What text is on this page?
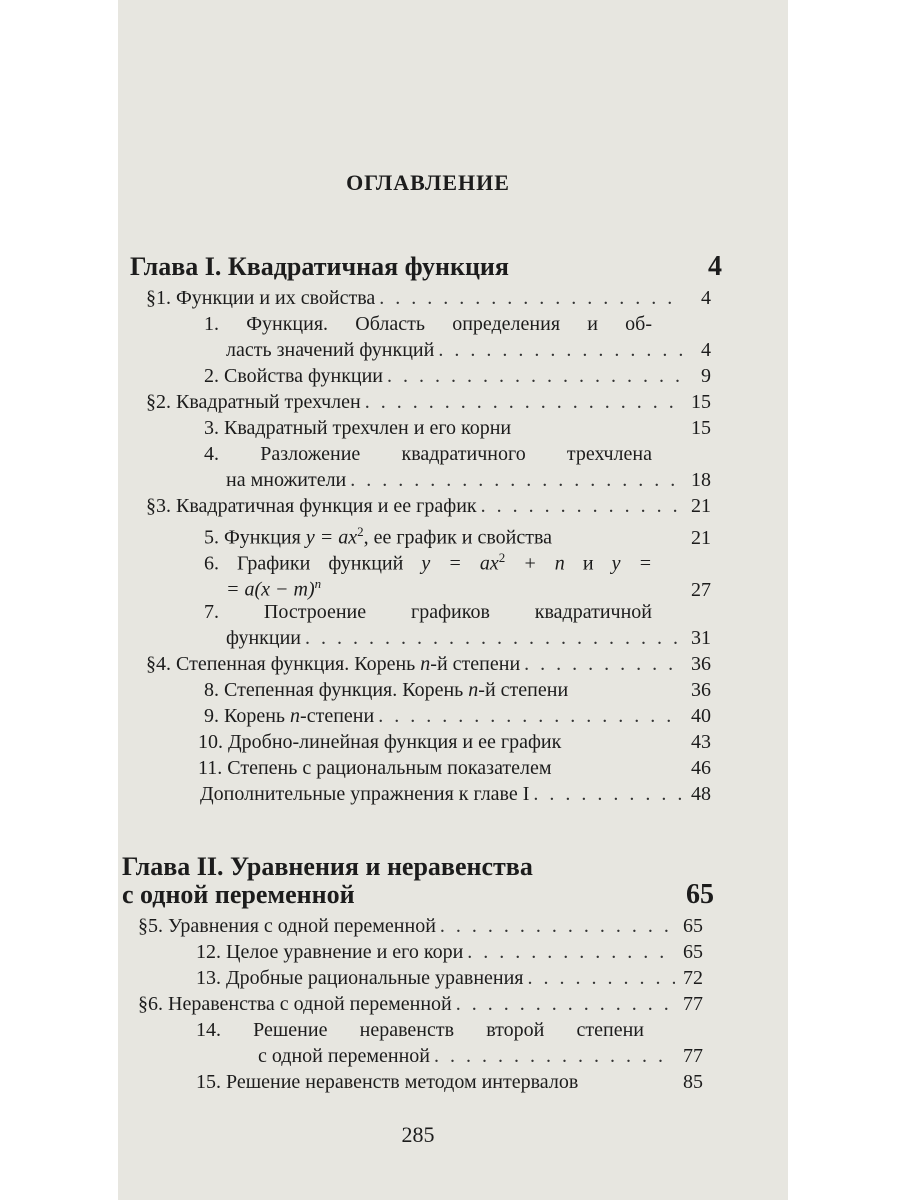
ОГЛАВЛЕНИЕ
Глава I. Квадратичная функция	4
§1. Функции и их свойства . . .	4
1. Функция. Область определения и об-
ласть значений функций . . .	4
2. Свойства функции . . .	9
§2. Квадратный трехчлен . . .	15
3. Квадратный трехчлен и его корни	15
4. Разложение квадратичного трехчлена
на множители . . .	18
§3. Квадратичная функция и ее график . . .	21
5. Функция $y = ax^2$, ее график и свойства	21
6. Графики функций $y = ax^2 + n$ и y =
= $a(x - m)^n$	27
7. Построение графиков квадратичной
функции . . .	31
§4. Степенная функция. Корень n-й степени . . .	36
8. Степенная функция. Корень n-й степени	36
9. Корень n-степени . . .	40
10. Дробно-линейная функция и ее график	43
11. Степень с рациональным показателем	46
Дополнительные упражнения к главе I . . .	48
Глава II. Уравнения и неравенства
с одной переменной	65
§5. Уравнения с одной переменной . . .	65
12. Целое уравнение и его кори . . .	65
13. Дробные рациональные уравнения . . .	72
§6. Неравенства с одной переменной . . .	77
14. Решение неравенств второй степени
с одной переменной . . .	77
15. Решение неравенств методом интервалов	85
285
